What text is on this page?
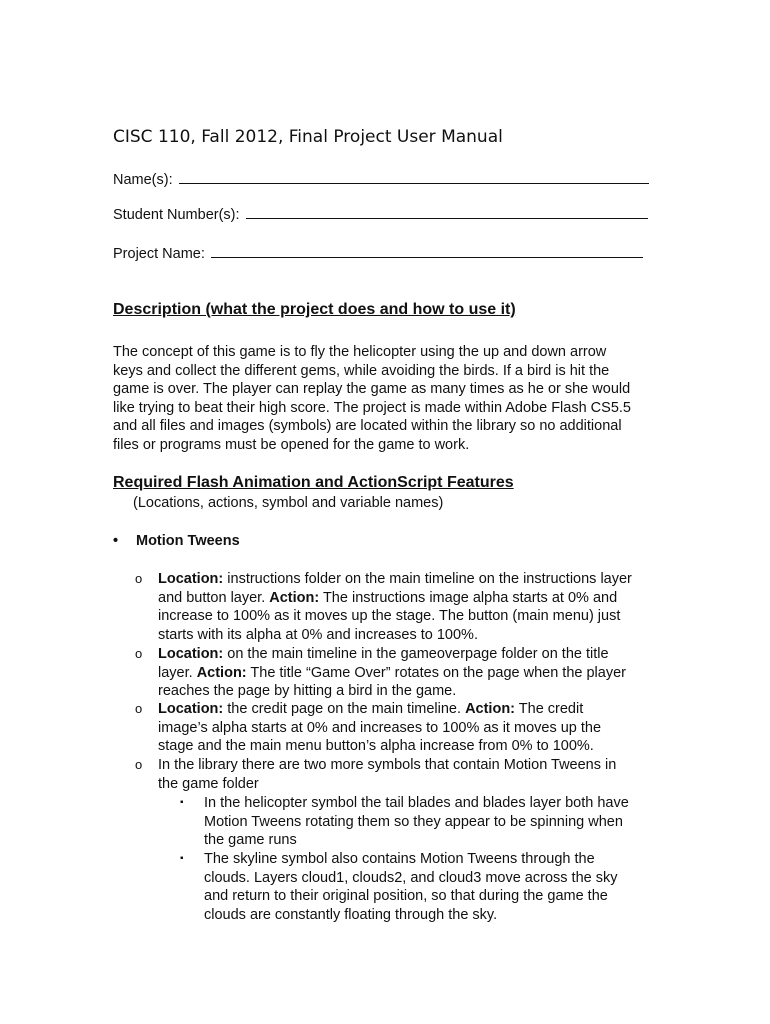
CISC 110, Fall 2012, Final Project User Manual
Name(s):
Student Number(s):
Project Name:
Description (what the project does and how to use it)
The concept of this game is to fly the helicopter using the up and down arrow
keys and collect the different gems, while avoiding the birds. If a bird is hit the
game is over. The player can replay the game as many times as he or she would
like trying to beat their high score. The project is made within Adobe Flash CS5.5
and all files and images (symbols) are located within the library so no additional
files or programs must be opened for the game to work.
Required Flash Animation and ActionScript Features
(Locations, actions, symbol and variable names)
• Motion Tweens
o Location: instructions folder on the main timeline on the instructions layer
and button layer. Action: The instructions image alpha starts at 0% and
increase to 100% as it moves up the stage. The button (main menu) just
starts with its alpha at 0% and increases to 100%.
o Location: on the main timeline in the gameoverpage folder on the title
layer. Action: The title “Game Over” rotates on the page when the player
reaches the page by hitting a bird in the game.
o Location: the credit page on the main timeline. Action: The credit
image’s alpha starts at 0% and increases to 100% as it moves up the
stage and the main menu button’s alpha increase from 0% to 100%.
o In the library there are two more symbols that contain Motion Tweens in
the game folder
▪ In the helicopter symbol the tail blades and blades layer both have
Motion Tweens rotating them so they appear to be spinning when
the game runs
▪ The skyline symbol also contains Motion Tweens through the
clouds. Layers cloud1, clouds2, and cloud3 move across the sky
and return to their original position, so that during the game the
clouds are constantly floating through the sky.
